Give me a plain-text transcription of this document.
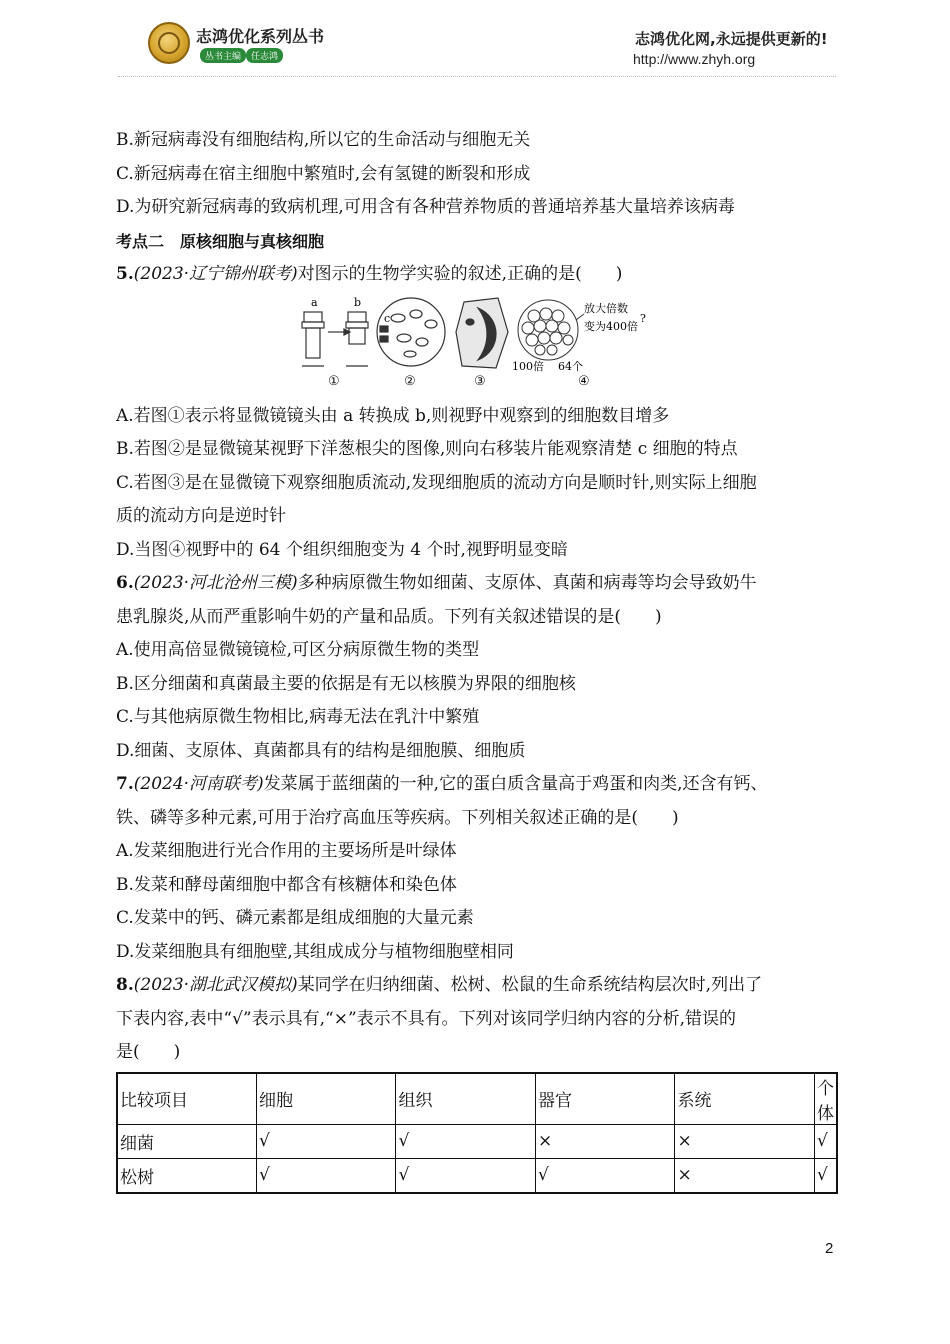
志鸿优化系列丛书
丛书主编	任志鸿
志鸿优化网,永远提供更新的!
http://www.zhyh.org
B.新冠病毒没有细胞结构,所以它的生命活动与细胞无关
C.新冠病毒在宿主细胞中繁殖时,会有氢键的断裂和形成
D.为研究新冠病毒的致病机理,可用含有各种营养物质的普通培养基大量培养该病毒
考点二　原核细胞与真核细胞
5.(2023·辽宁锦州联考)对图示的生物学实验的叙述,正确的是(　　)
a	b
c
放大倍数
变为400倍
?
100倍 64个
①	②	③	④
A.若图①表示将显微镜镜头由 a 转换成 b,则视野中观察到的细胞数目增多
B.若图②是显微镜某视野下洋葱根尖的图像,则向右移装片能观察清楚 c 细胞的特点
C.若图③是在显微镜下观察细胞质流动,发现细胞质的流动方向是顺时针,则实际上细胞
质的流动方向是逆时针
D.当图④视野中的 64 个组织细胞变为 4 个时,视野明显变暗
6.(2023·河北沧州三模)多种病原微生物如细菌、支原体、真菌和病毒等均会导致奶牛
患乳腺炎,从而严重影响牛奶的产量和品质。下列有关叙述错误的是(　　)
A.使用高倍显微镜镜检,可区分病原微生物的类型
B.区分细菌和真菌最主要的依据是有无以核膜为界限的细胞核
C.与其他病原微生物相比,病毒无法在乳汁中繁殖
D.细菌、支原体、真菌都具有的结构是细胞膜、细胞质
7.(2024·河南联考)发菜属于蓝细菌的一种,它的蛋白质含量高于鸡蛋和肉类,还含有钙、
铁、磷等多种元素,可用于治疗高血压等疾病。下列相关叙述正确的是(　　)
A.发菜细胞进行光合作用的主要场所是叶绿体
B.发菜和酵母菌细胞中都含有核糖体和染色体
C.发菜中的钙、磷元素都是组成细胞的大量元素
D.发菜细胞具有细胞壁,其组成成分与植物细胞壁相同
8.(2023·湖北武汉模拟)某同学在归纳细菌、松树、松鼠的生命系统结构层次时,列出了
下表内容,表中“√”表示具有,“×”表示不具有。下列对该同学归纳内容的分析,错误的
是(　　)
比较项目	细胞	组织	器官	系统	个体
细菌	√	√	×	×	√
松树	√	√	√	×	√
2
